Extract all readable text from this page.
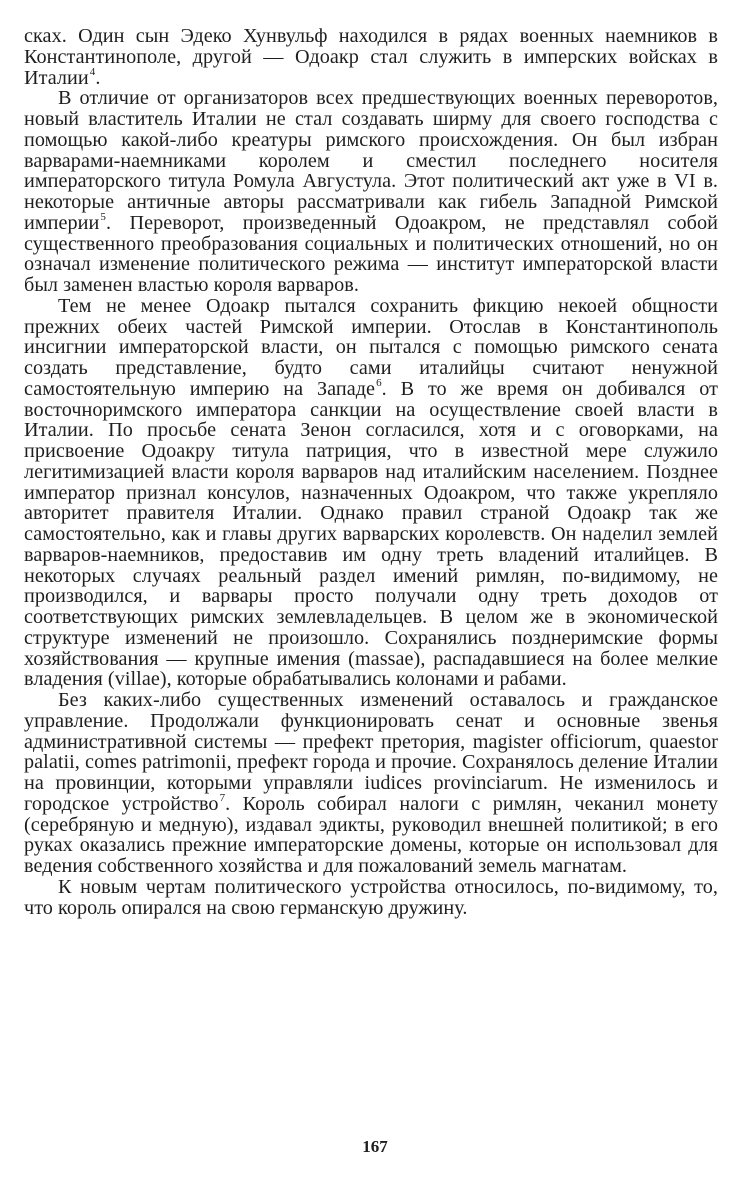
сках. Один сын Эдеко Хунвульф находился в рядах военных наемников в Константинополе, другой — Одоакр стал служить в имперских войсках в Италии$^4$.

В отличие от организаторов всех предшествующих военных переворотов, новый властитель Италии не стал создавать ширму для своего господства с помощью какой-либо креатуры римского происхождения. Он был избран варварами-наемниками королем и сместил последнего носителя императорского титула Ромула Августула. Этот политический акт уже в VI в. некоторые античные авторы рассматривали как гибель Западной Римской империи$^5$. Переворот, произведенный Одоакром, не представлял собой существенного преобразования социальных и политических отношений, но он означал изменение политического режима — институт императорской власти был заменен властью короля варваров.

Тем не менее Одоакр пытался сохранить фикцию некоей общности прежних обеих частей Римской империи. Отослав в Константинополь инсигнии императорской власти, он пытался с помощью римского сената создать представление, будто сами италийцы считают ненужной самостоятельную империю на Западе$^6$. В то же время он добивался от восточноримского императора санкции на осуществление своей власти в Италии. По просьбе сената Зенон согласился, хотя и с оговорками, на присвоение Одоакру титула патриция, что в известной мере служило легитимизацией власти короля варваров над италийским населением. Позднее император признал консулов, назначенных Одоакром, что также укрепляло авторитет правителя Италии. Однако правил страной Одоакр так же самостоятельно, как и главы других варварских королевств. Он наделил землей варваров-наемников, предоставив им одну треть владений италийцев. В некоторых случаях реальный раздел имений римлян, по-видимому, не производился, и варвары просто получали одну треть доходов от соответствующих римских землевладельцев. В целом же в экономической структуре изменений не произошло. Сохранялись позднеримские формы хозяйствования — крупные имения (massae), распадавшиеся на более мелкие владения (villae), которые обрабатывались колонами и рабами.

Без каких-либо существенных изменений оставалось и гражданское управление. Продолжали функционировать сенат и основные звенья административной системы — префект претория, magister officiorum, quaestor palatii, comes patrimonii, префект города и прочие. Сохранялось деление Италии на провинции, которыми управляли iudices provinciarum. Не изменилось и городское устройство$^7$. Король собирал налоги с римлян, чеканил монету (серебряную и медную), издавал эдикты, руководил внешней политикой; в его руках оказались прежние императорские домены, которые он использовал для ведения собственного хозяйства и для пожалований земель магнатам.

К новым чертам политического устройства относилось, по-видимому, то, что король опирался на свою германскую дружину.

167
